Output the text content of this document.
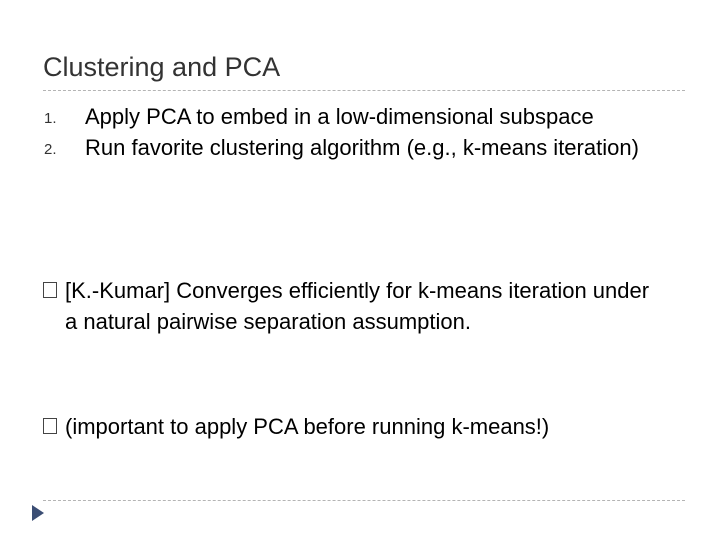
Clustering and PCA
1. Apply PCA to embed in a low-dimensional subspace
2. Run favorite clustering algorithm (e.g., k-means iteration)
[K.-Kumar] Converges efficiently for k-means iteration under a natural pairwise separation assumption.
(important to apply PCA before running k-means!)
